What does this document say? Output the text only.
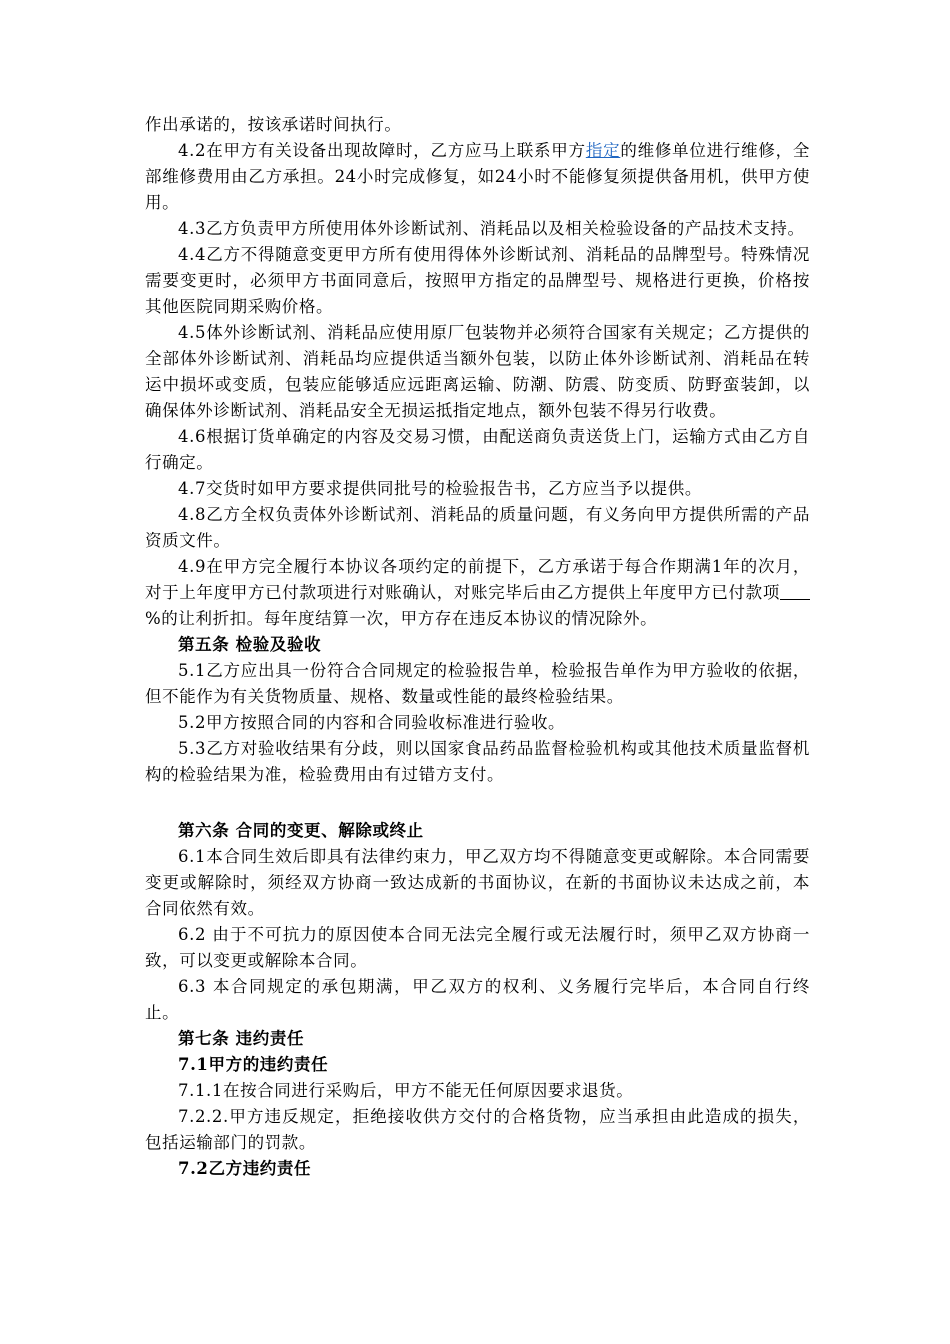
作出承诺的，按该承诺时间执行。

4.2在甲方有关设备出现故障时，乙方应马上联系甲方指定的维修单位进行维修，全部维修费用由乙方承担。24小时完成修复，如24小时不能修复须提供备用机，供甲方使用。

4.3乙方负责甲方所使用体外诊断试剂、消耗品以及相关检验设备的产品技术支持。

4.4乙方不得随意变更甲方所有使用得体外诊断试剂、消耗品的品牌型号。特殊情况需要变更时，必须甲方书面同意后，按照甲方指定的品牌型号、规格进行更换，价格按其他医院同期采购价格。

4.5体外诊断试剂、消耗品应使用原厂包装物并必须符合国家有关规定；乙方提供的全部体外诊断试剂、消耗品均应提供适当额外包装，以防止体外诊断试剂、消耗品在转运中损坏或变质，包装应能够适应远距离运输、防潮、防震、防变质、防野蛮装卸，以确保体外诊断试剂、消耗品安全无损运抵指定地点，额外包装不得另行收费。

4.6根据订货单确定的内容及交易习惯，由配送商负责送货上门，运输方式由乙方自行确定。

4.7交货时如甲方要求提供同批号的检验报告书，乙方应当予以提供。

4.8乙方全权负责体外诊断试剂、消耗品的质量问题，有义务向甲方提供所需的产品资质文件。

4.9在甲方完全履行本协议各项约定的前提下，乙方承诺于每合作期满1年的次月，对于上年度甲方已付款项进行对账确认，对账完毕后由乙方提供上年度甲方已付款项%的让利折扣。每年度结算一次，甲方存在违反本协议的情况除外。

第五条 检验及验收

5.1乙方应出具一份符合合同规定的检验报告单，检验报告单作为甲方验收的依据，但不能作为有关货物质量、规格、数量或性能的最终检验结果。

5.2甲方按照合同的内容和合同验收标准进行验收。

5.3乙方对验收结果有分歧，则以国家食品药品监督检验机构或其他技术质量监督机构的检验结果为准，检验费用由有过错方支付。

第六条 合同的变更、解除或终止

6.1本合同生效后即具有法律约束力，甲乙双方均不得随意变更或解除。本合同需要变更或解除时，须经双方协商一致达成新的书面协议，在新的书面协议未达成之前，本合同依然有效。

6.2 由于不可抗力的原因使本合同无法完全履行或无法履行时，须甲乙双方协商一致，可以变更或解除本合同。

6.3 本合同规定的承包期满，甲乙双方的权利、义务履行完毕后，本合同自行终止。

第七条 违约责任

7.1甲方的违约责任

7.1.1在按合同进行采购后，甲方不能无任何原因要求退货。

7.2.2.甲方违反规定，拒绝接收供方交付的合格货物，应当承担由此造成的损失，包括运输部门的罚款。

7.2乙方违约责任
